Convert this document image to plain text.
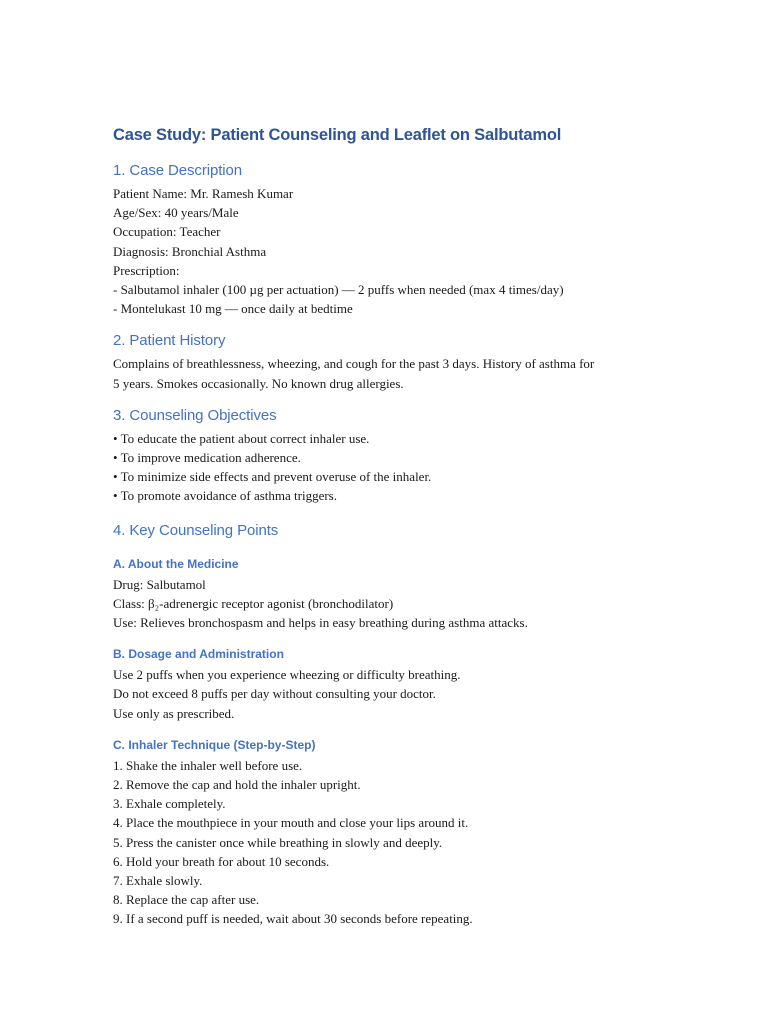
Case Study: Patient Counseling and Leaflet on Salbutamol
1. Case Description

Patient Name: Mr. Ramesh Kumar

Age/Sex: 40 years/Male

Occupation: Teacher

Diagnosis: Bronchial Asthma

Prescription:

- Salbutamol inhaler (100 µg per actuation) — 2 puffs when needed (max 4 times/day)

- Montelukast 10 mg — once daily at bedtime

2. Patient History

Complains of breathlessness, wheezing, and cough for the past 3 days. History of asthma for

5 years. Smokes occasionally. No known drug allergies.

3. Counseling Objectives

• To educate the patient about correct inhaler use.

• To improve medication adherence.

• To minimize side effects and prevent overuse of the inhaler.

• To promote avoidance of asthma triggers.

4. Key Counseling Points
A. About the Medicine

Drug: Salbutamol

Class: β₂-adrenergic receptor agonist (bronchodilator)

Use: Relieves bronchospasm and helps in easy breathing during asthma attacks.

B. Dosage and Administration

Use 2 puffs when you experience wheezing or difficulty breathing.

Do not exceed 8 puffs per day without consulting your doctor.

Use only as prescribed.

C. Inhaler Technique (Step-by-Step)

1. Shake the inhaler well before use.

2. Remove the cap and hold the inhaler upright.

3. Exhale completely.

4. Place the mouthpiece in your mouth and close your lips around it.

5. Press the canister once while breathing in slowly and deeply.

6. Hold your breath for about 10 seconds.

7. Exhale slowly.

8. Replace the cap after use.

9. If a second puff is needed, wait about 30 seconds before repeating.
